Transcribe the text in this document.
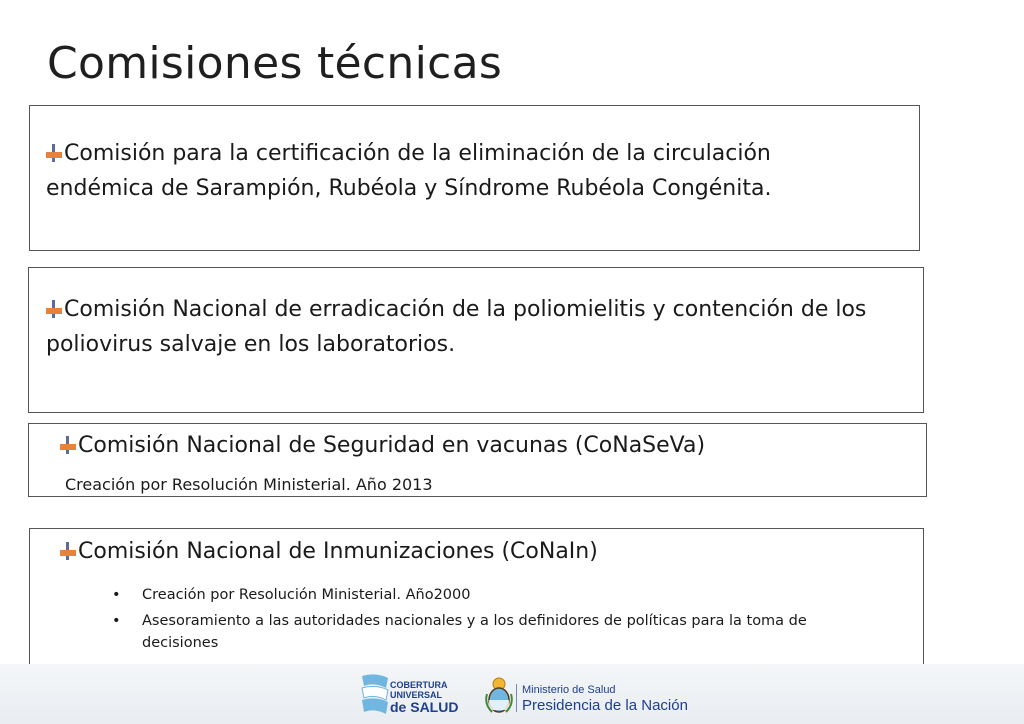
Comisiones técnicas
Comisión para la certificación de la eliminación de la circulación endémica de Sarampión, Rubéola y Síndrome Rubéola Congénita.
Comisión Nacional de erradicación de la poliomielitis y contención de los poliovirus salvaje en los laboratorios.
Comisión Nacional de Seguridad en vacunas (CoNaSeVa)
Creación por Resolución Ministerial. Año 2013
Comisión Nacional de Inmunizaciones (CoNaIn)
• Creación por Resolución Ministerial. Año2000
• Asesoramiento a las autoridades nacionales y a los definidores de políticas para la toma de decisiones
COBERTURA
UNIVERSAL
de SALUD
Ministerio de Salud
Presidencia de la Nación
